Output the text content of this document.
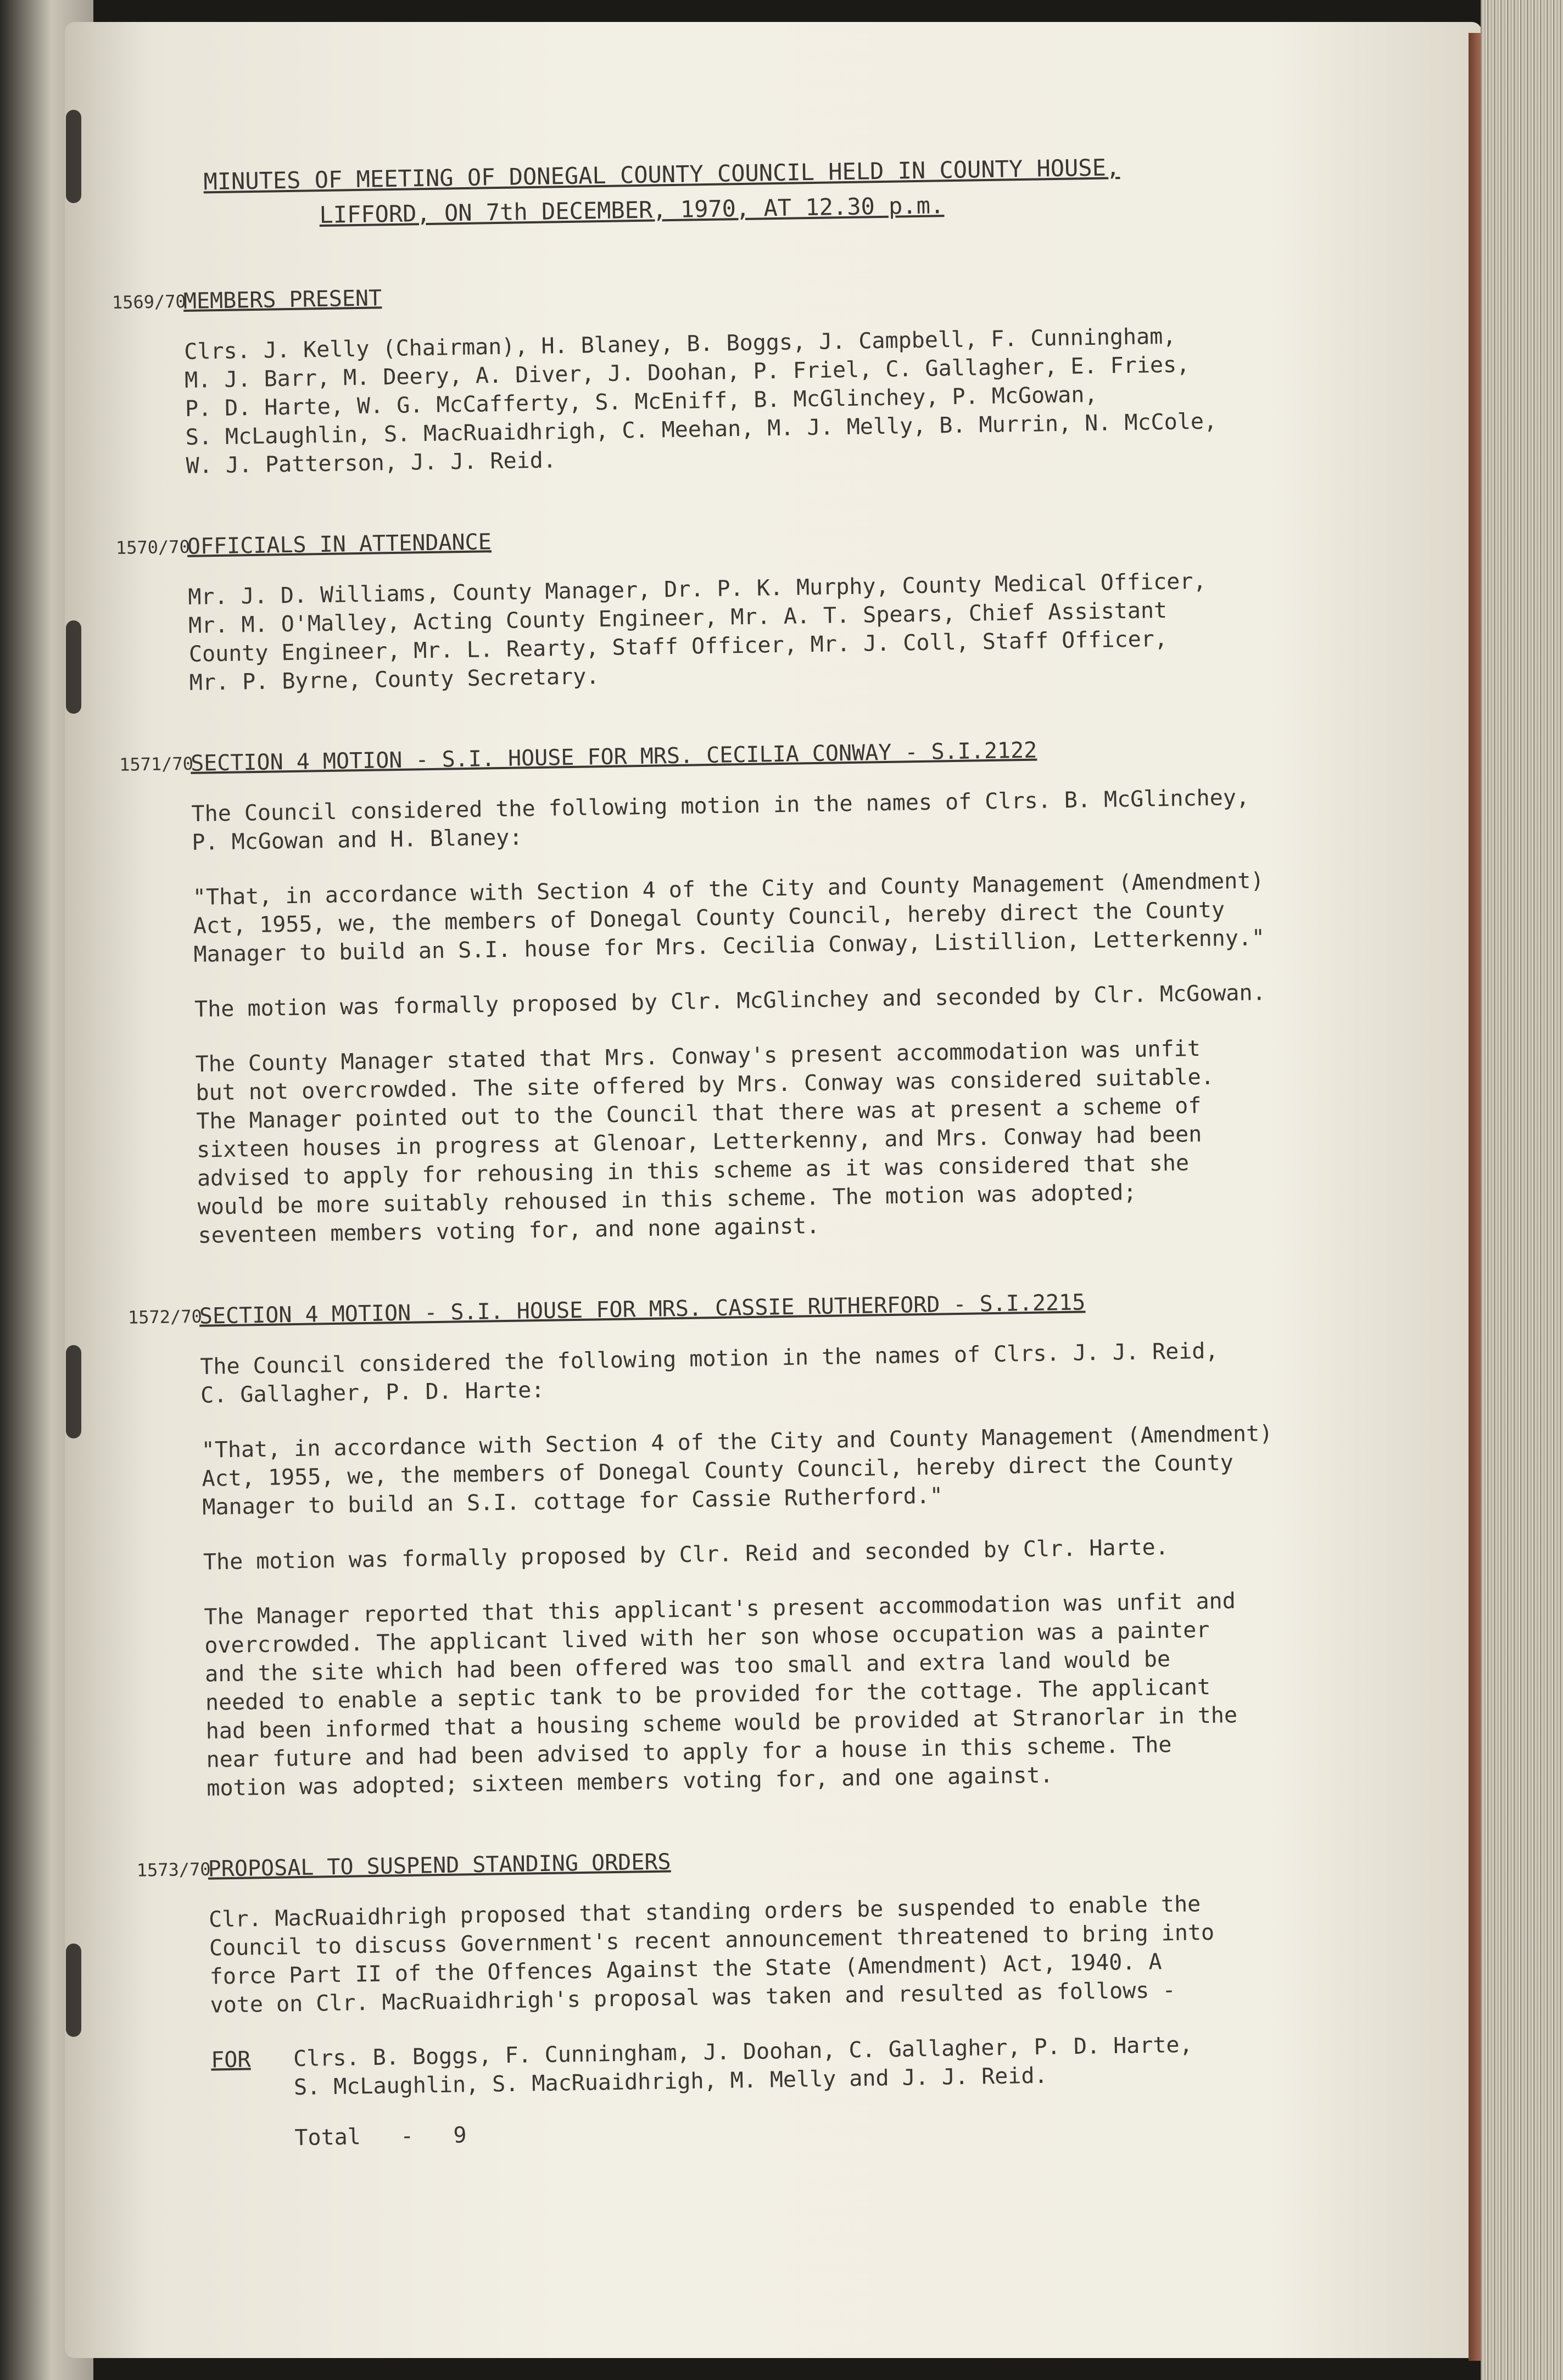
MINUTES OF MEETING OF DONEGAL COUNTY COUNCIL HELD IN COUNTY HOUSE,
LIFFORD, ON 7th DECEMBER, 1970, AT 12.30 p.m.
1569/70
MEMBERS PRESENT

Clrs. J. Kelly (Chairman), H. Blaney, B. Boggs, J. Campbell, F. Cunningham,
M. J. Barr, M. Deery, A. Diver, J. Doohan, P. Friel, C. Gallagher, E. Fries,
P. D. Harte, W. G. McCafferty, S. McEniff, B. McGlinchey, P. McGowan,
S. McLaughlin, S. MacRuaidhrigh, C. Meehan, M. J. Melly, B. Murrin, N. McCole,
W. J. Patterson, J. J. Reid.

1570/70
OFFICIALS IN ATTENDANCE

Mr. J. D. Williams, County Manager, Dr. P. K. Murphy, County Medical Officer,
Mr. M. O'Malley, Acting County Engineer, Mr. A. T. Spears, Chief Assistant
County Engineer, Mr. L. Rearty, Staff Officer, Mr. J. Coll, Staff Officer,
Mr. P. Byrne, County Secretary.

1571/70
SECTION 4 MOTION - S.I. HOUSE FOR MRS. CECILIA CONWAY - S.I.2122

The Council considered the following motion in the names of Clrs. B. McGlinchey,
P. McGowan and H. Blaney:

"That, in accordance with Section 4 of the City and County Management (Amendment)
Act, 1955, we, the members of Donegal County Council, hereby direct the County
Manager to build an S.I. house for Mrs. Cecilia Conway, Listillion, Letterkenny."

The motion was formally proposed by Clr. McGlinchey and seconded by Clr. McGowan.

The County Manager stated that Mrs. Conway's present accommodation was unfit
but not overcrowded. The site offered by Mrs. Conway was considered suitable.
The Manager pointed out to the Council that there was at present a scheme of
sixteen houses in progress at Glenoar, Letterkenny, and Mrs. Conway had been
advised to apply for rehousing in this scheme as it was considered that she
would be more suitably rehoused in this scheme. The motion was adopted;
seventeen members voting for, and none against.

1572/70
SECTION 4 MOTION - S.I. HOUSE FOR MRS. CASSIE RUTHERFORD - S.I.2215

The Council considered the following motion in the names of Clrs. J. J. Reid,
C. Gallagher, P. D. Harte:

"That, in accordance with Section 4 of the City and County Management (Amendment)
Act, 1955, we, the members of Donegal County Council, hereby direct the County
Manager to build an S.I. cottage for Cassie Rutherford."

The motion was formally proposed by Clr. Reid and seconded by Clr. Harte.

The Manager reported that this applicant's present accommodation was unfit and
overcrowded. The applicant lived with her son whose occupation was a painter
and the site which had been offered was too small and extra land would be
needed to enable a septic tank to be provided for the cottage. The applicant
had been informed that a housing scheme would be provided at Stranorlar in the
near future and had been advised to apply for a house in this scheme. The
motion was adopted; sixteen members voting for, and one against.

1573/70
PROPOSAL TO SUSPEND STANDING ORDERS

Clr. MacRuaidhrigh proposed that standing orders be suspended to enable the
Council to discuss Government's recent announcement threatened to bring into
force Part II of the Offences Against the State (Amendment) Act, 1940. A
vote on Clr. MacRuaidhrigh's proposal was taken and resulted as follows -

FOR	Clrs. B. Boggs, F. Cunningham, J. Doohan, C. Gallagher, P. D. Harte,
S. McLaughlin, S. MacRuaidhrigh, M. Melly and J. J. Reid.
Total - 9
